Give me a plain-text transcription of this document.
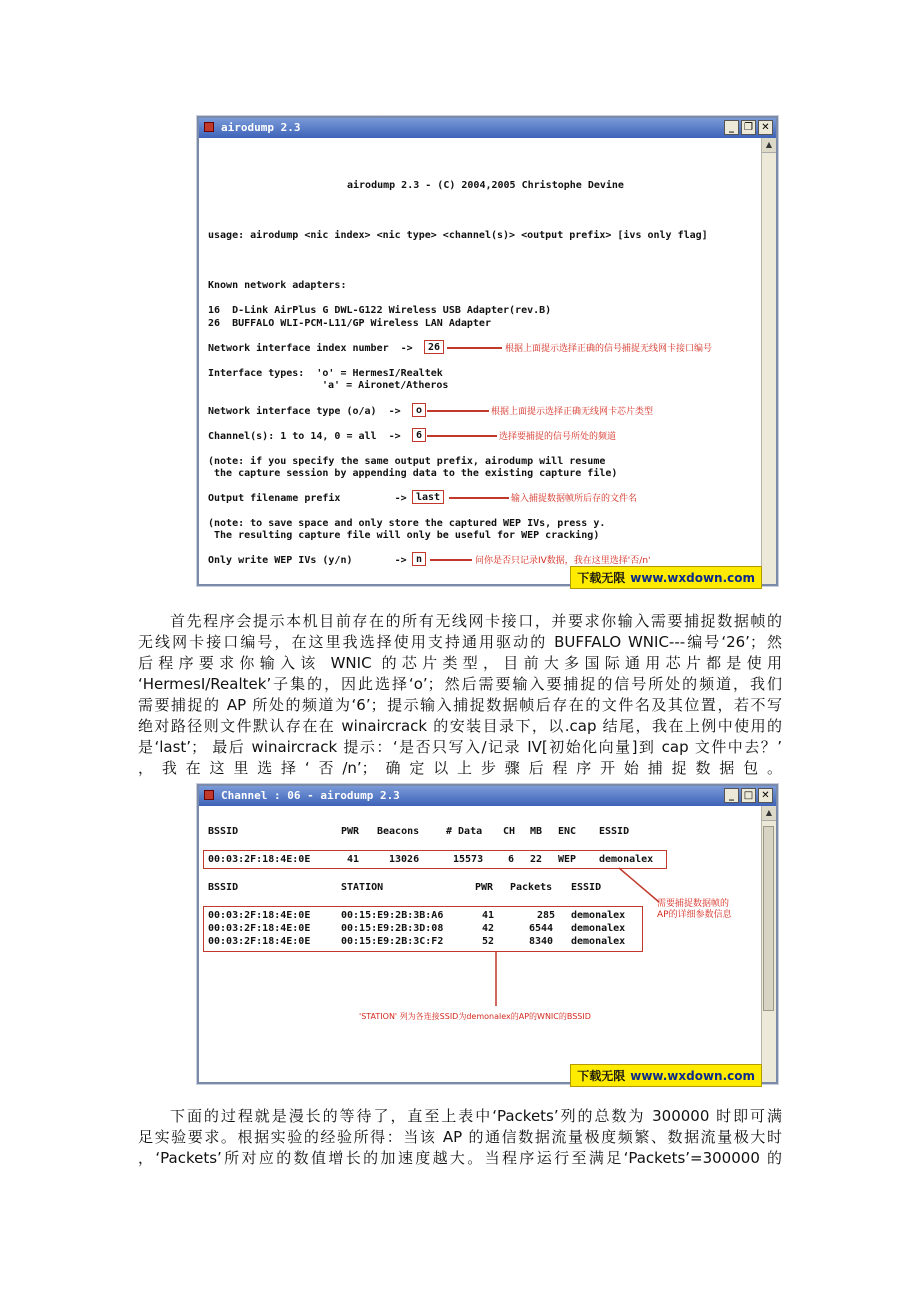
airodump 2.3	_	❐ ✕
▲
airodump 2.3 - (C) 2004,2005 Christophe Devine
usage: airodump <nic index> <nic type> <channel(s)> <output prefix> [ivs only flag]
Known network adapters:
16  D-Link AirPlus G DWL-G122 Wireless USB Adapter(rev.B)
26  BUFFALO WLI-PCM-L11/GP Wireless LAN Adapter
Network interface index number  ->	26	根据上面提示选择正确的信号捕捉无线网卡接口编号
Interface types:  'o' = HermesI/Realtek
'a' = Aironet/Atheros
Network interface type (o/a)  ->	o	根据上面提示选择正确无线网卡芯片类型
Channel(s): 1 to 14, 0 = all  ->	6	选择要捕捉的信号所处的频道
(note: if you specify the same output prefix, airodump will resume
the capture session by appending data to the existing capture file)
Output filename prefix         -> last	输入捕捉数据帧所后存的文件名
(note: to save space and only store the captured WEP IVs, press y.
The resulting capture file will only be useful for WEP cracking)
Only write WEP IVs (y/n)       -> n	问你是否只记录IV数据，我在这里选择'否/n'
下载无限 www.wxdown.com

首先程序会提示本机目前存在的所有无线网卡接口，并要求你输入需要捕捉数据帧的

无线网卡接口编号，在这里我选择使用支持通用驱动的 BUFFALO WNIC---编号‘26’；然

后程序要求你输入该 WNIC 的芯片类型，目前大多国际通用芯片都是使用

‘HermesI/Realtek’子集的，因此选择‘o’；然后需要输入要捕捉的信号所处的频道，我们

需要捕捉的 AP 所处的频道为‘6’；提示输入捕捉数据帧后存在的文件名及其位置，若不写

绝对路径则文件默认存在在 winaircrack 的安装目录下，以.cap 结尾，我在上例中使用的

是‘last’； 最后 winaircrack 提示：‘是否只写入/记录 IV[初始化向量]到 cap 文件中去？’

，我在这里选择‘否/n’；确定以上步骤后程序开始捕捉数据包。

Channel : 06 - airodump 2.3	_ □ ✕
▲
BSSID	PWR Beacons	# Data CH MB ENC ESSID
00:03:2F:18:4E:0E	41	13026	15573 6 22 WEP demonalex
BSSID	STATION	PWR Packets ESSID
00:03:2F:18:4E:0E	00:15:E9:2B:3B:A6	41	285 demonalex
00:03:2F:18:4E:0E	00:15:E9:2B:3D:08	42	6544 demonalex
00:03:2F:18:4E:0E	00:15:E9:2B:3C:F2	52	8340 demonalex
需要捕捉数据帧的
AP的详细参数信息
'STATION' 列为各连接SSID为demonalex的AP的WNIC的BSSID
下载无限 www.wxdown.com

下面的过程就是漫长的等待了，直至上表中‘Packets’列的总数为 300000 时即可满

足实验要求。根据实验的经验所得：当该 AP 的通信数据流量极度频繁、数据流量极大时

，‘Packets’所对应的数值增长的加速度越大。当程序运行至满足‘Packets’=300000 的
